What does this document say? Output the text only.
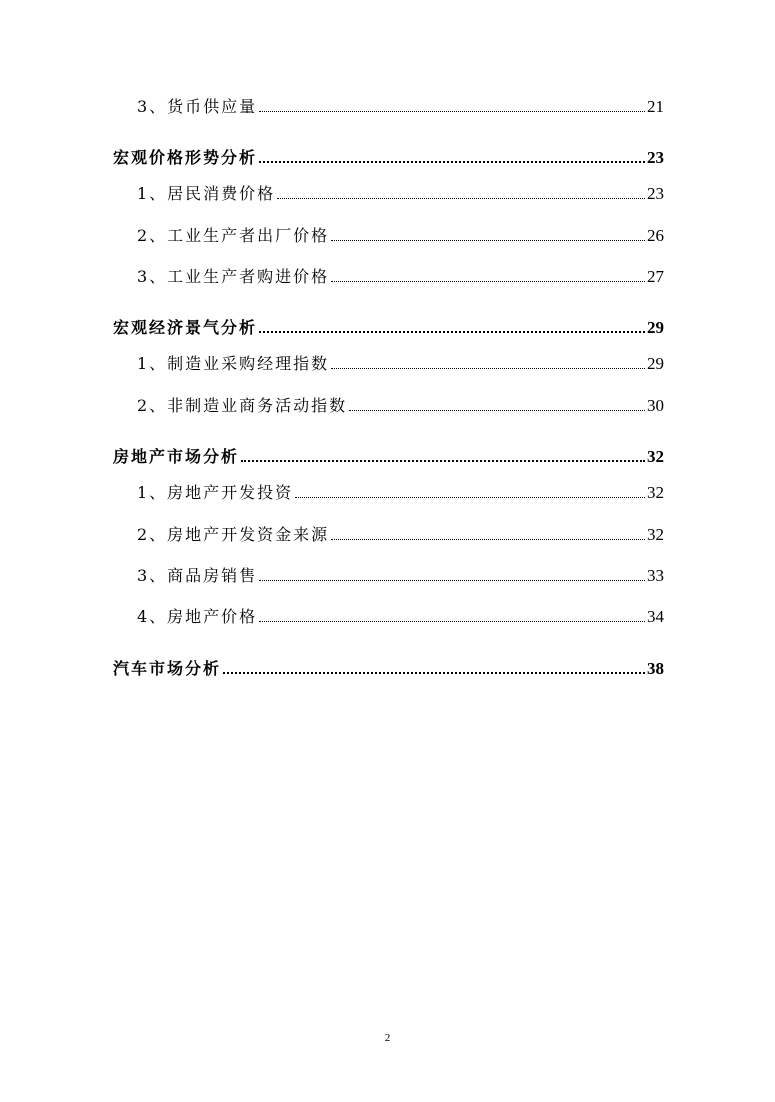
3、货币供应量	21
宏观价格形势分析	23
1、居民消费价格	23
2、工业生产者出厂价格	26
3、工业生产者购进价格	27
宏观经济景气分析	29
1、制造业采购经理指数	29
2、非制造业商务活动指数	30
房地产市场分析	32
1、房地产开发投资	32
2、房地产开发资金来源	32
3、商品房销售	33
4、房地产价格	34
汽车市场分析	38
2
